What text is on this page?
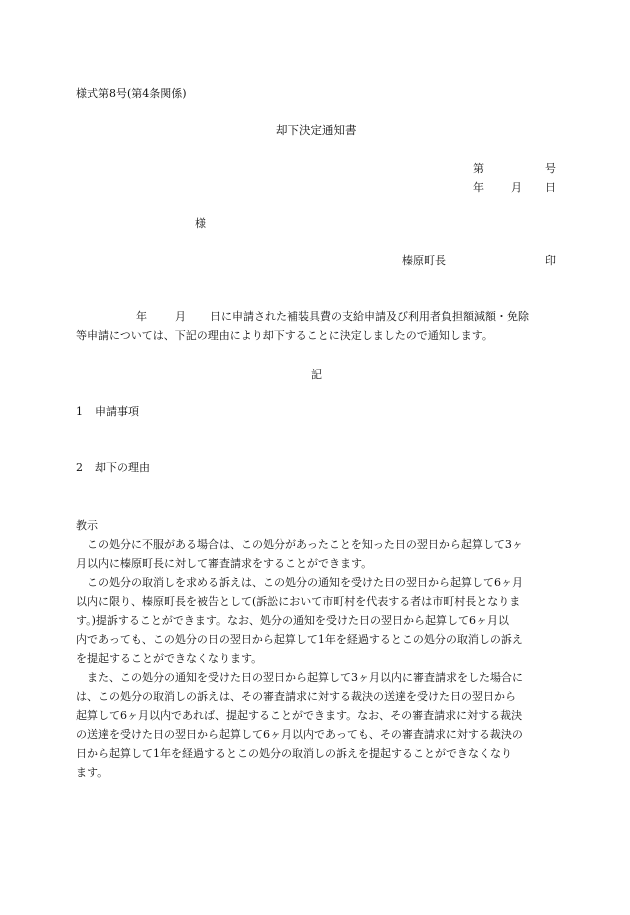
様式第8号(第4条関係)
却下決定通知書
第	号
年 月 日
様
榛原町長	印
年	月 日に申請された補装具費の支給申請及び利用者負担額減額・免除
等申請については、下記の理由により却下することに決定しましたので通知します。
記
1 申請事項
2 却下の理由
教示
　この処分に不服がある場合は、この処分があったことを知った日の翌日から起算して3ヶ
月以内に榛原町長に対して審査請求をすることができます。
　この処分の取消しを求める訴えは、この処分の通知を受けた日の翌日から起算して6ヶ月
以内に限り、榛原町長を被告として(訴訟において市町村を代表する者は市町村長となりま
す。)提訴することができます。なお、処分の通知を受けた日の翌日から起算して6ヶ月以
内であっても、この処分の日の翌日から起算して1年を経過するとこの処分の取消しの訴え
を提起することができなくなります。
　また、この処分の通知を受けた日の翌日から起算して3ヶ月以内に審査請求をした場合に
は、この処分の取消しの訴えは、その審査請求に対する裁決の送達を受けた日の翌日から
起算して6ヶ月以内であれば、提起することができます。なお、その審査請求に対する裁決
の送達を受けた日の翌日から起算して6ヶ月以内であっても、その審査請求に対する裁決の
日から起算して1年を経過するとこの処分の取消しの訴えを提起することができなくなり
ます。
